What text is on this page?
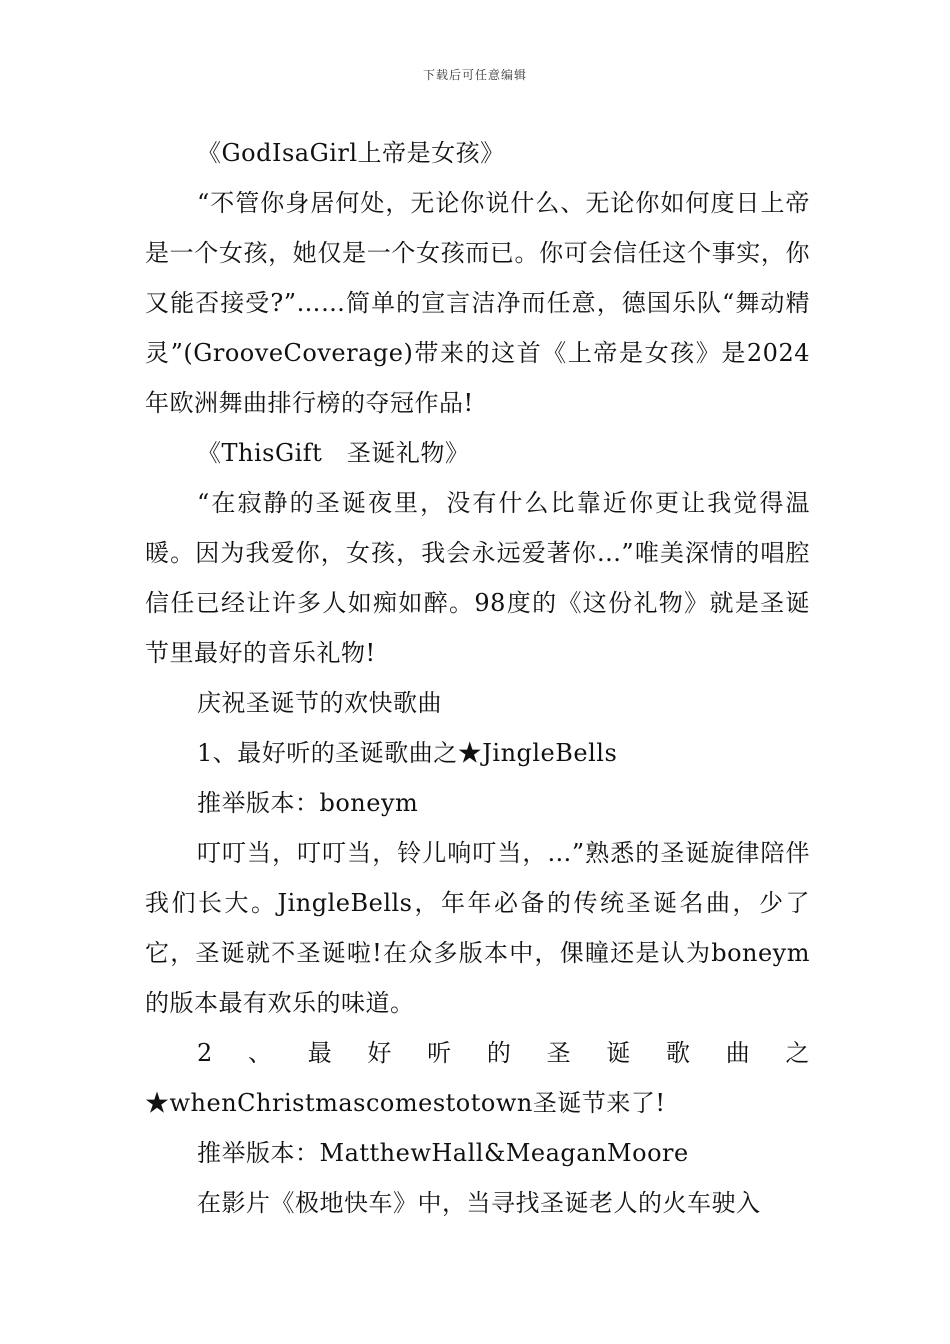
下载后可任意编辑

《GodIsaGirl上帝是女孩》

“不管你身居何处，无论你说什么、无论你如何度日上帝是一个女孩，她仅是一个女孩而已。你可会信任这个事实，你又能否接受?”……简单的宣言洁净而任意，德国乐队“舞动精灵”(GrooveCoverage)带来的这首《上帝是女孩》是2024年欧洲舞曲排行榜的夺冠作品!

《ThisGift　圣诞礼物》

“在寂静的圣诞夜里，没有什么比靠近你更让我觉得温暖。因为我爱你，女孩，我会永远爱著你...”唯美深情的唱腔信任已经让许多人如痴如醉。98度的《这份礼物》就是圣诞节里最好的音乐礼物!

庆祝圣诞节的欢快歌曲

1、最好听的圣诞歌曲之★JingleBells

推举版本：boneym

叮叮当，叮叮当，铃儿响叮当，…”熟悉的圣诞旋律陪伴我们长大。JingleBells，年年必备的传统圣诞名曲，少了它，圣诞就不圣诞啦!在众多版本中，倮瞳还是认为boneym的版本最有欢乐的味道。

2、最好听的圣诞歌曲之★whenChristmascomestotown圣诞节来了!

推举版本：MatthewHall&MeaganMoore

在影片《极地快车》中，当寻找圣诞老人的火车驶入
